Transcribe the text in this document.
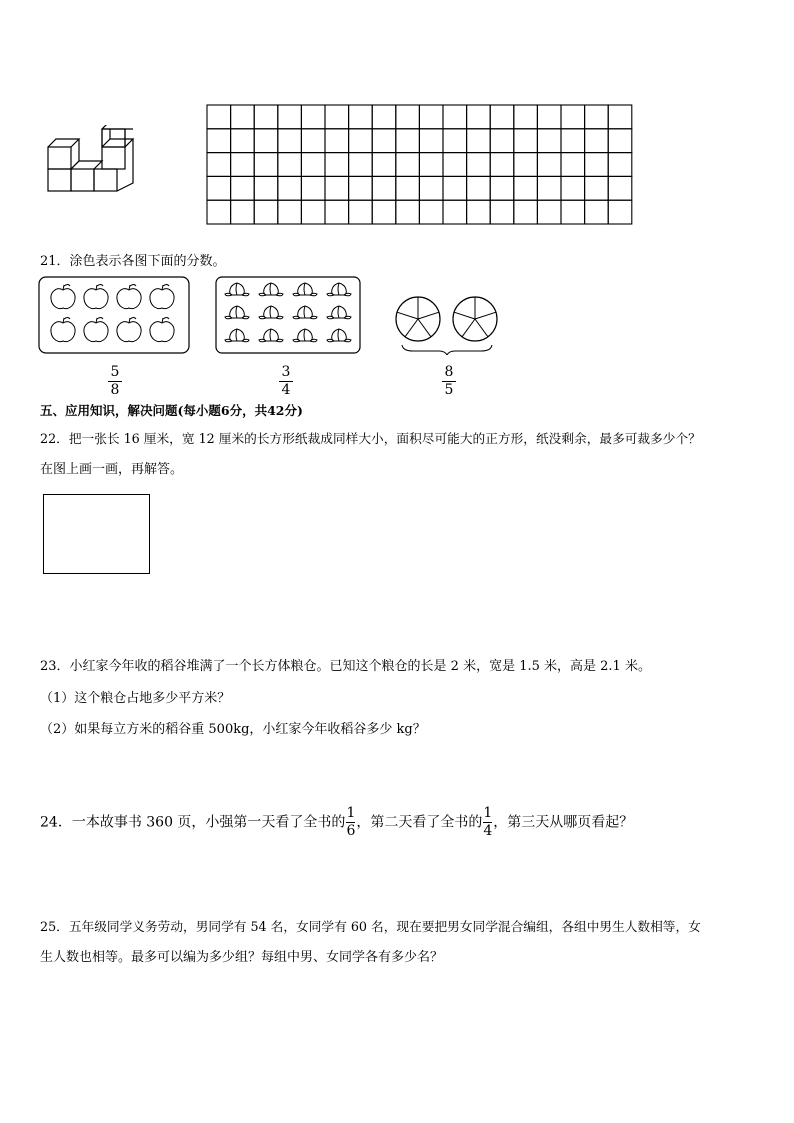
21．涂色表示各图下面的分数。
5
8
3
4
8
5
五、应用知识，解决问题(每小题6分，共42分)
22．把一张长 16 厘米，宽 12 厘米的长方形纸裁成同样大小，面积尽可能大的正方形，纸没剩余，最多可裁多少个？
在图上画一画，再解答。
23．小红家今年收的稻谷堆满了一个长方体粮仓。已知这个粮仓的长是 2 米，宽是 1.5 米，高是 2.1 米。
（1）这个粮仓占地多少平方米？
（2）如果每立方米的稻谷重 500kg，小红家今年收稻谷多少 kg？
24．一本故事书 360 页，小强第一天看了全书的$\frac{1}{6}$，第二天看了全书的$\frac{1}{4}$，第三天从哪页看起？
25．五年级同学义务劳动，男同学有 54 名，女同学有 60 名，现在要把男女同学混合编组，各组中男生人数相等，女
生人数也相等。最多可以编为多少组？每组中男、女同学各有多少名？
